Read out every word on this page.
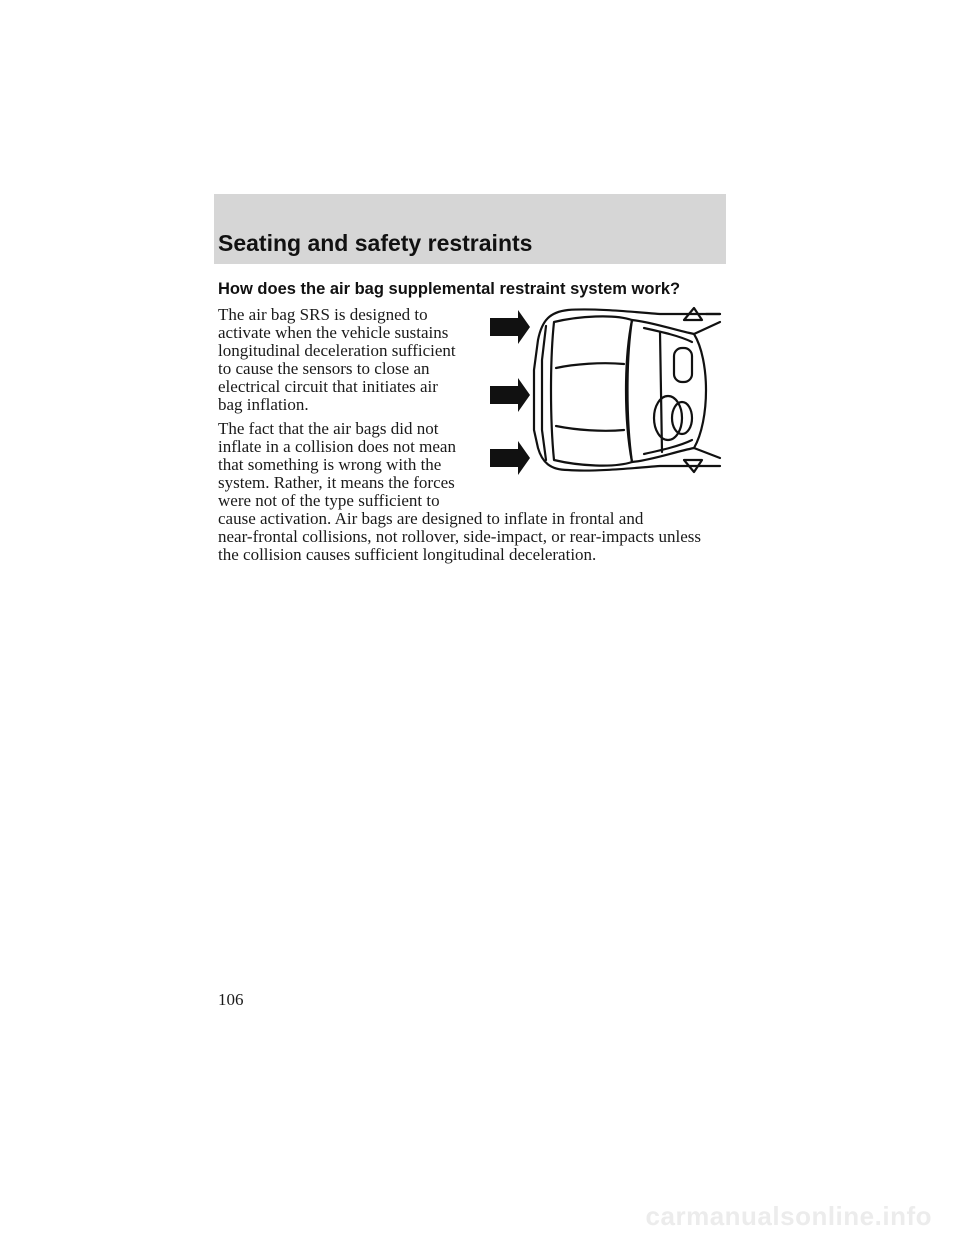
Seating and safety restraints
How does the air bag supplemental restraint system work?
The air bag SRS is designed to
activate when the vehicle sustains
longitudinal deceleration sufficient
to cause the sensors to close an
electrical circuit that initiates air
bag inflation.
The fact that the air bags did not
inflate in a collision does not mean
that something is wrong with the
system. Rather, it means the forces
were not of the type sufficient to
cause activation. Air bags are designed to inflate in frontal and
near-frontal collisions, not rollover, side-impact, or rear-impacts unless
the collision causes sufficient longitudinal deceleration.
106
carmanualsonline.info
